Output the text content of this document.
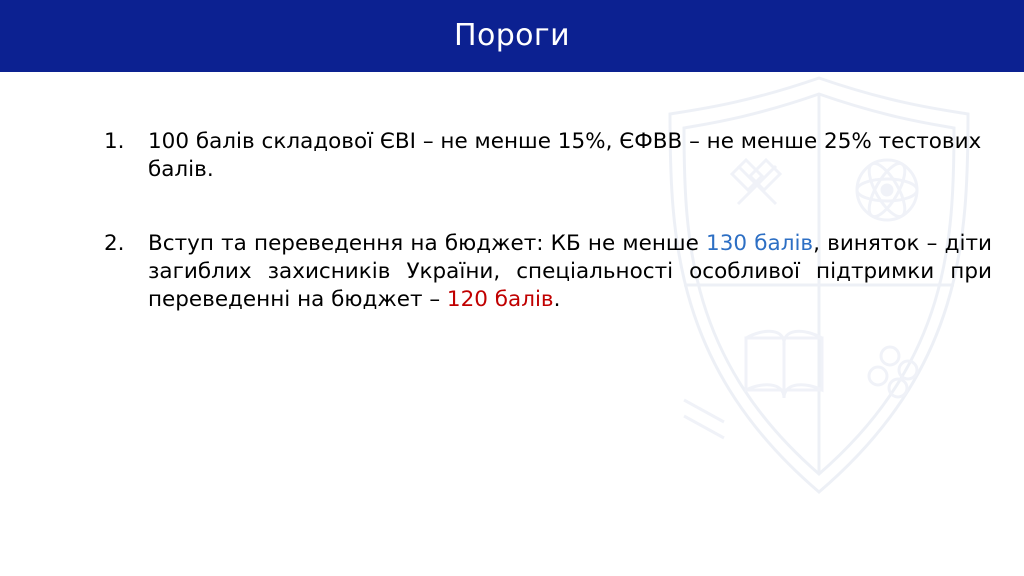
Пороги
1.	100 балів складової ЄВІ – не менше 15%, ЄФВВ – не менше 25% тестових балів.
2.	Вступ та переведення на бюджет: КБ не менше 130 балів, виняток – діти загиблих захисників України, спеціальності особливої підтримки при переведенні на бюджет – 120 балів.
